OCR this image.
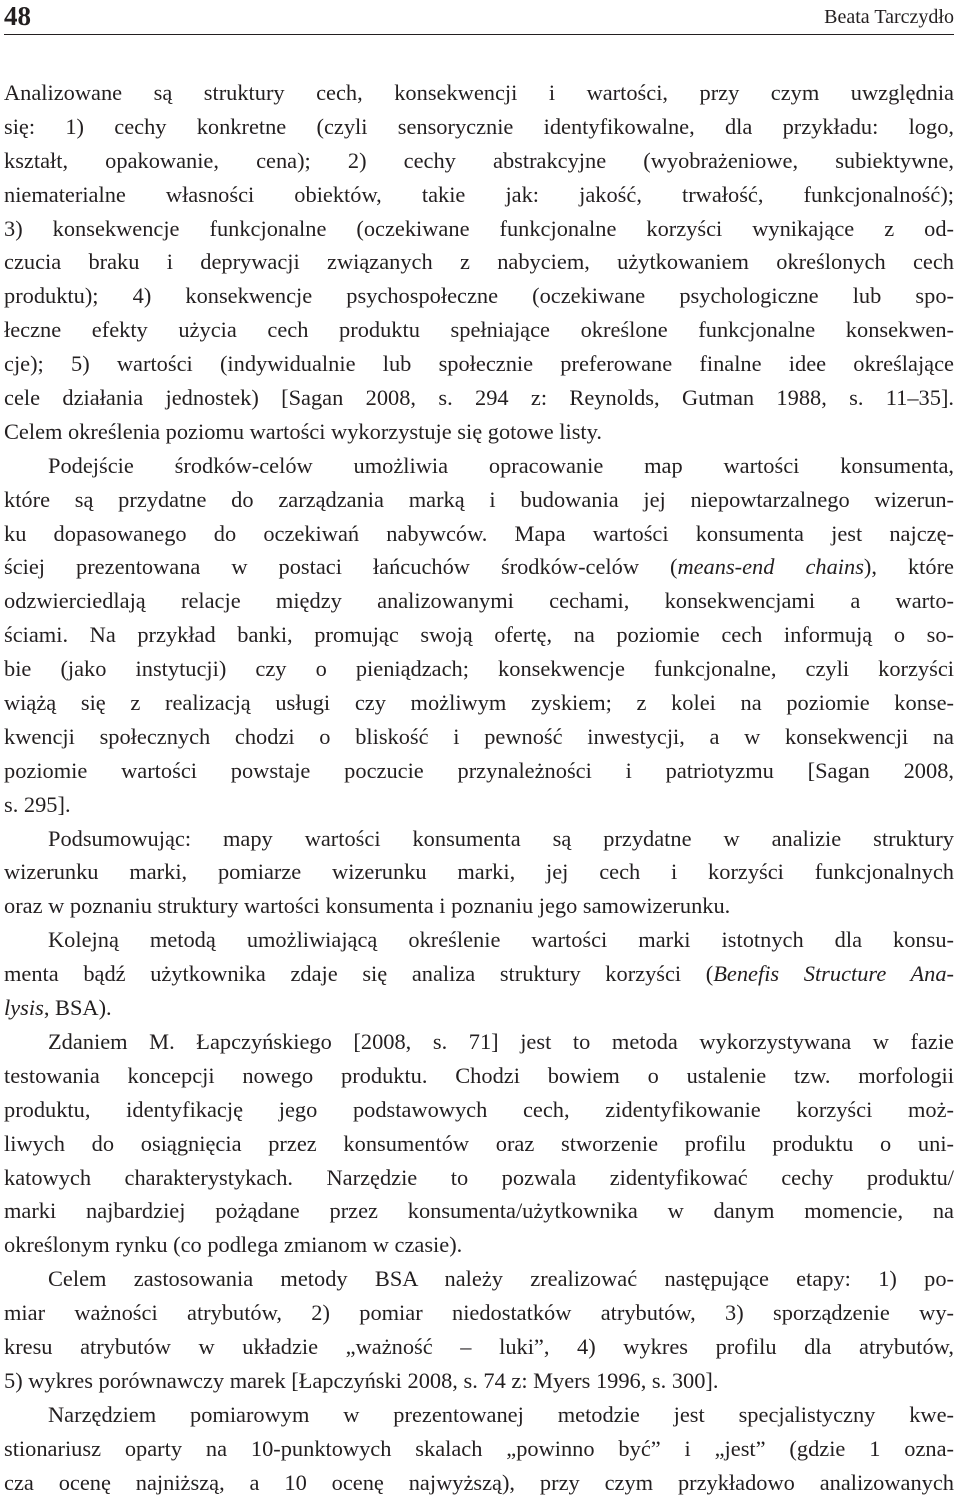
48	Beata Tarczydło
Analizowane są struktury cech, konsekwencji i wartości, przy czym uwzględnia
się: 1) cechy konkretne (czyli sensorycznie identyfikowalne, dla przykładu: logo,
kształt, opakowanie, cena); 2) cechy abstrakcyjne (wyobrażeniowe, subiektywne,
niematerialne własności obiektów, takie jak: jakość, trwałość, funkcjonalność);
3) konsekwencje funkcjonalne (oczekiwane funkcjonalne korzyści wynikające z od-
czucia braku i deprywacji związanych z nabyciem, użytkowaniem określonych cech
produktu); 4) konsekwencje psychospołeczne (oczekiwane psychologiczne lub spo-
łeczne efekty użycia cech produktu spełniające określone funkcjonalne konsekwen-
cje); 5) wartości (indywidualnie lub społecznie preferowane finalne idee określające
cele działania jednostek) [Sagan 2008, s. 294 z: Reynolds, Gutman 1988, s. 11–35].
Celem określenia poziomu wartości wykorzystuje się gotowe listy.
Podejście środków-celów umożliwia opracowanie map wartości konsumenta,
które są przydatne do zarządzania marką i budowania jej niepowtarzalnego wizerun-
ku dopasowanego do oczekiwań nabywców. Mapa wartości konsumenta jest najczę-
ściej prezentowana w postaci łańcuchów środków-celów (means-end chains), które
odzwierciedlają relacje między analizowanymi cechami, konsekwencjami a warto-
ściami. Na przykład banki, promując swoją ofertę, na poziomie cech informują o so-
bie (jako instytucji) czy o pieniądzach; konsekwencje funkcjonalne, czyli korzyści
wiążą się z realizacją usługi czy możliwym zyskiem; z kolei na poziomie konse-
kwencji społecznych chodzi o bliskość i pewność inwestycji, a w konsekwencji na
poziomie wartości powstaje poczucie przynależności i patriotyzmu [Sagan 2008,
s. 295].
Podsumowując: mapy wartości konsumenta są przydatne w analizie struktury
wizerunku marki, pomiarze wizerunku marki, jej cech i korzyści funkcjonalnych
oraz w poznaniu struktury wartości konsumenta i poznaniu jego samowizerunku.
Kolejną metodą umożliwiającą określenie wartości marki istotnych dla konsu-
menta bądź użytkownika zdaje się analiza struktury korzyści (Benefis Structure Ana-
lysis, BSA).
Zdaniem M. Łapczyńskiego [2008, s. 71] jest to metoda wykorzystywana w fazie
testowania koncepcji nowego produktu. Chodzi bowiem o ustalenie tzw. morfologii
produktu, identyfikację jego podstawowych cech, zidentyfikowanie korzyści moż-
liwych do osiągnięcia przez konsumentów oraz stworzenie profilu produktu o uni-
katowych charakterystykach. Narzędzie to pozwala zidentyfikować cechy produktu/
marki najbardziej pożądane przez konsumenta/użytkownika w danym momencie, na
określonym rynku (co podlega zmianom w czasie).
Celem zastosowania metody BSA należy zrealizować następujące etapy: 1) po-
miar ważności atrybutów, 2) pomiar niedostatków atrybutów, 3) sporządzenie wy-
kresu atrybutów w układzie „ważność – luki”, 4) wykres profilu dla atrybutów,
5) wykres porównawczy marek [Łapczyński 2008, s. 74 z: Myers 1996, s. 300].
Narzędziem pomiarowym w prezentowanej metodzie jest specjalistyczny kwe-
stionariusz oparty na 10-punktowych skalach „powinno być” i „jest” (gdzie 1 ozna-
cza ocenę najniższą, a 10 ocenę najwyższą), przy czym przykładowo analizowanych
